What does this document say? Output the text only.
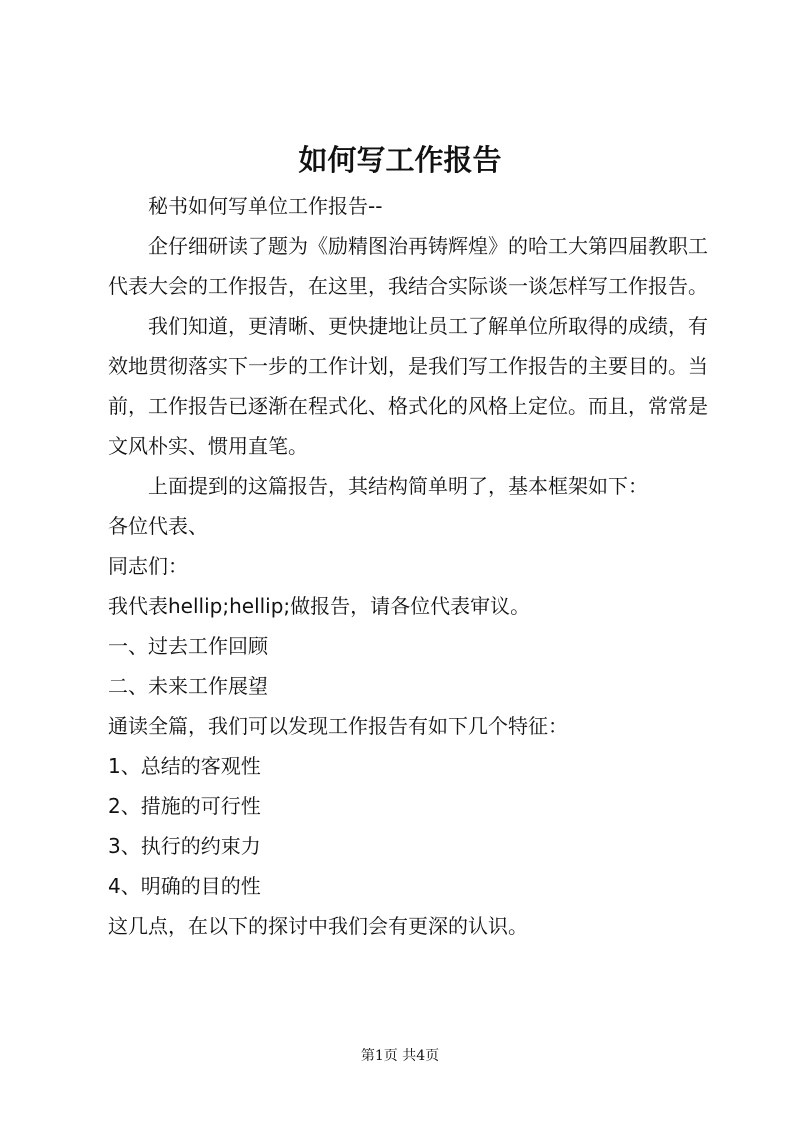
如何写工作报告

秘书如何写单位工作报告--

企仔细研读了题为《励精图治再铸辉煌》的哈工大第四届教职工代表大会的工作报告，在这里，我结合实际谈一谈怎样写工作报告。

我们知道，更清晰、更快捷地让员工了解单位所取得的成绩，有效地贯彻落实下一步的工作计划，是我们写工作报告的主要目的。当前，工作报告已逐渐在程式化、格式化的风格上定位。而且，常常是文风朴实、惯用直笔。

上面提到的这篇报告，其结构简单明了，基本框架如下：

各位代表、

同志们：

我代表hellip;hellip;做报告，请各位代表审议。

一、过去工作回顾

二、未来工作展望

通读全篇，我们可以发现工作报告有如下几个特征：

1、总结的客观性

2、措施的可行性

3、执行的约束力

4、明确的目的性

这几点，在以下的探讨中我们会有更深的认识。

第1页 共4页
